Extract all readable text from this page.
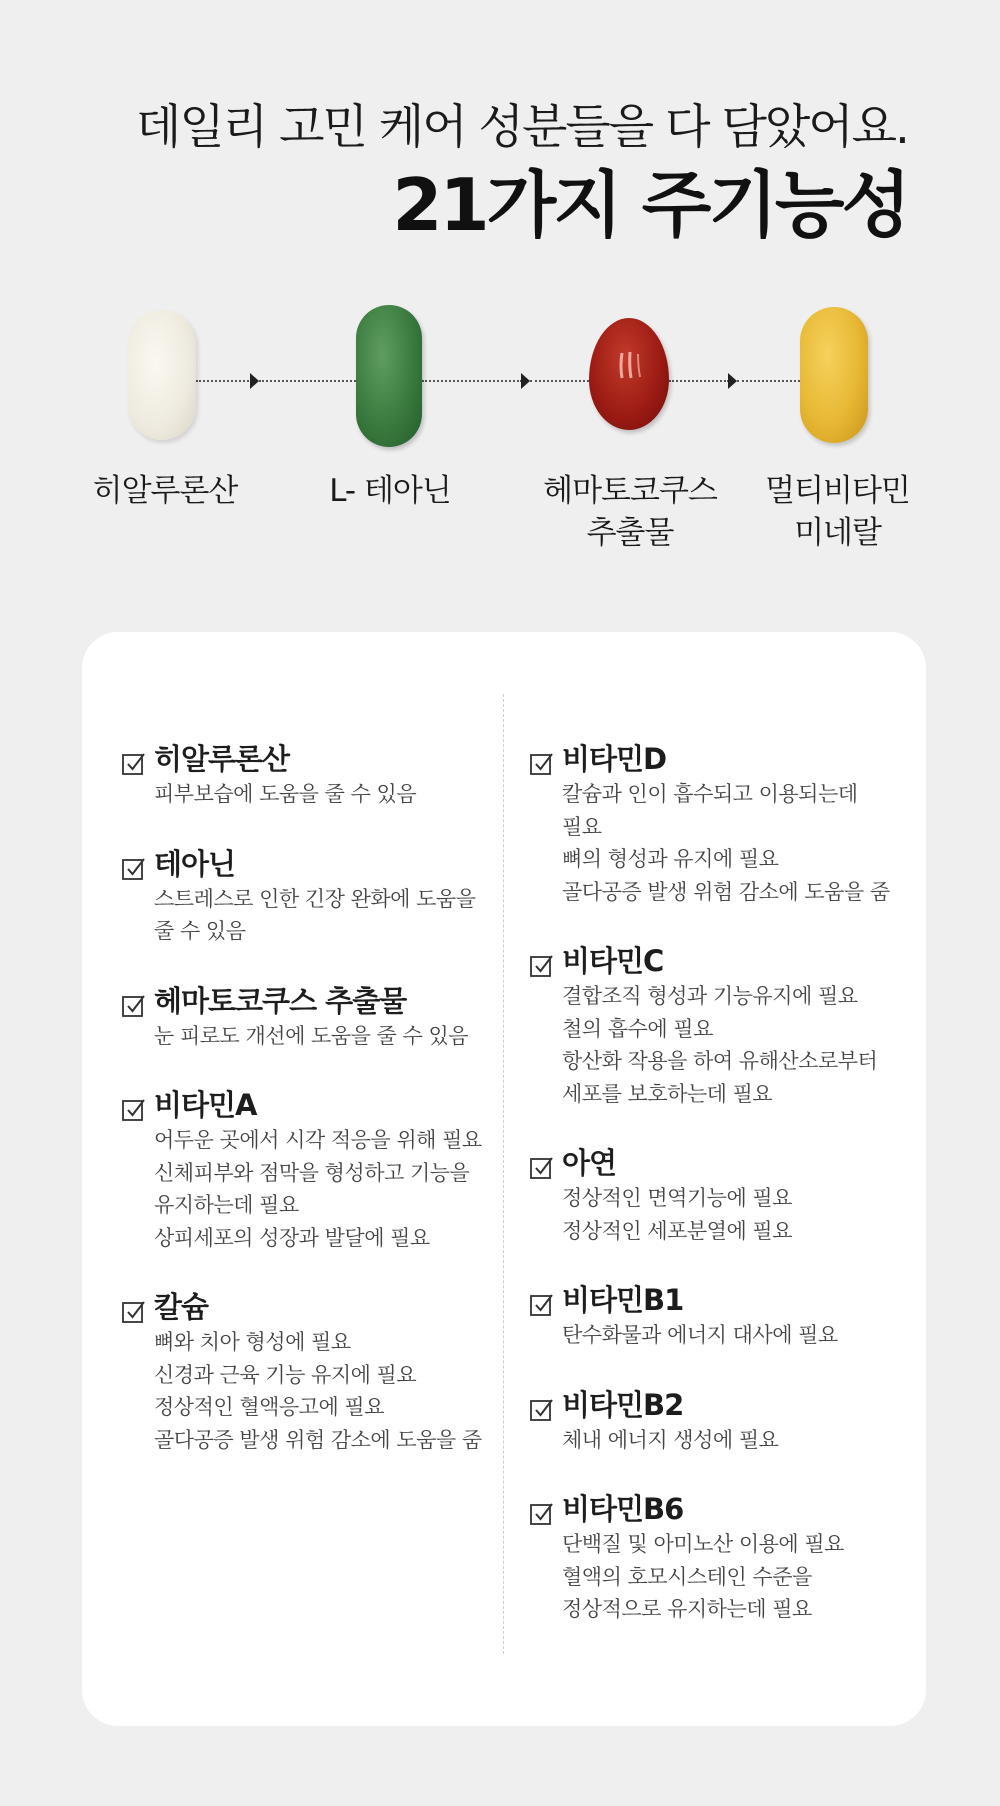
데일리 고민 케어 성분들을 다 담았어요.
21가지 주기능성
히알루론산	L- 테아닌	헤마토코쿠스
추출물
멀티비타민
미네랄
히알루론산
피부보습에 도움을 줄 수 있음
테아닌
스트레스로 인한 긴장 완화에 도움을
줄 수 있음
헤마토코쿠스 추출물
눈 피로도 개선에 도움을 줄 수 있음
비타민A
어두운 곳에서 시각 적응을 위해 필요
신체피부와 점막을 형성하고 기능을
유지하는데 필요
상피세포의 성장과 발달에 필요
칼슘
뼈와 치아 형성에 필요
신경과 근육 기능 유지에 필요
정상적인 혈액응고에 필요
골다공증 발생 위험 감소에 도움을 줌
비타민D
칼슘과 인이 흡수되고 이용되는데
필요
뼈의 형성과 유지에 필요
골다공증 발생 위험 감소에 도움을 줌
비타민C
결합조직 형성과 기능유지에 필요
철의 흡수에 필요
항산화 작용을 하여 유해산소로부터
세포를 보호하는데 필요
아연
정상적인 면역기능에 필요
정상적인 세포분열에 필요
비타민B1
탄수화물과 에너지 대사에 필요
비타민B2
체내 에너지 생성에 필요
비타민B6
단백질 및 아미노산 이용에 필요
혈액의 호모시스테인 수준을
정상적으로 유지하는데 필요
